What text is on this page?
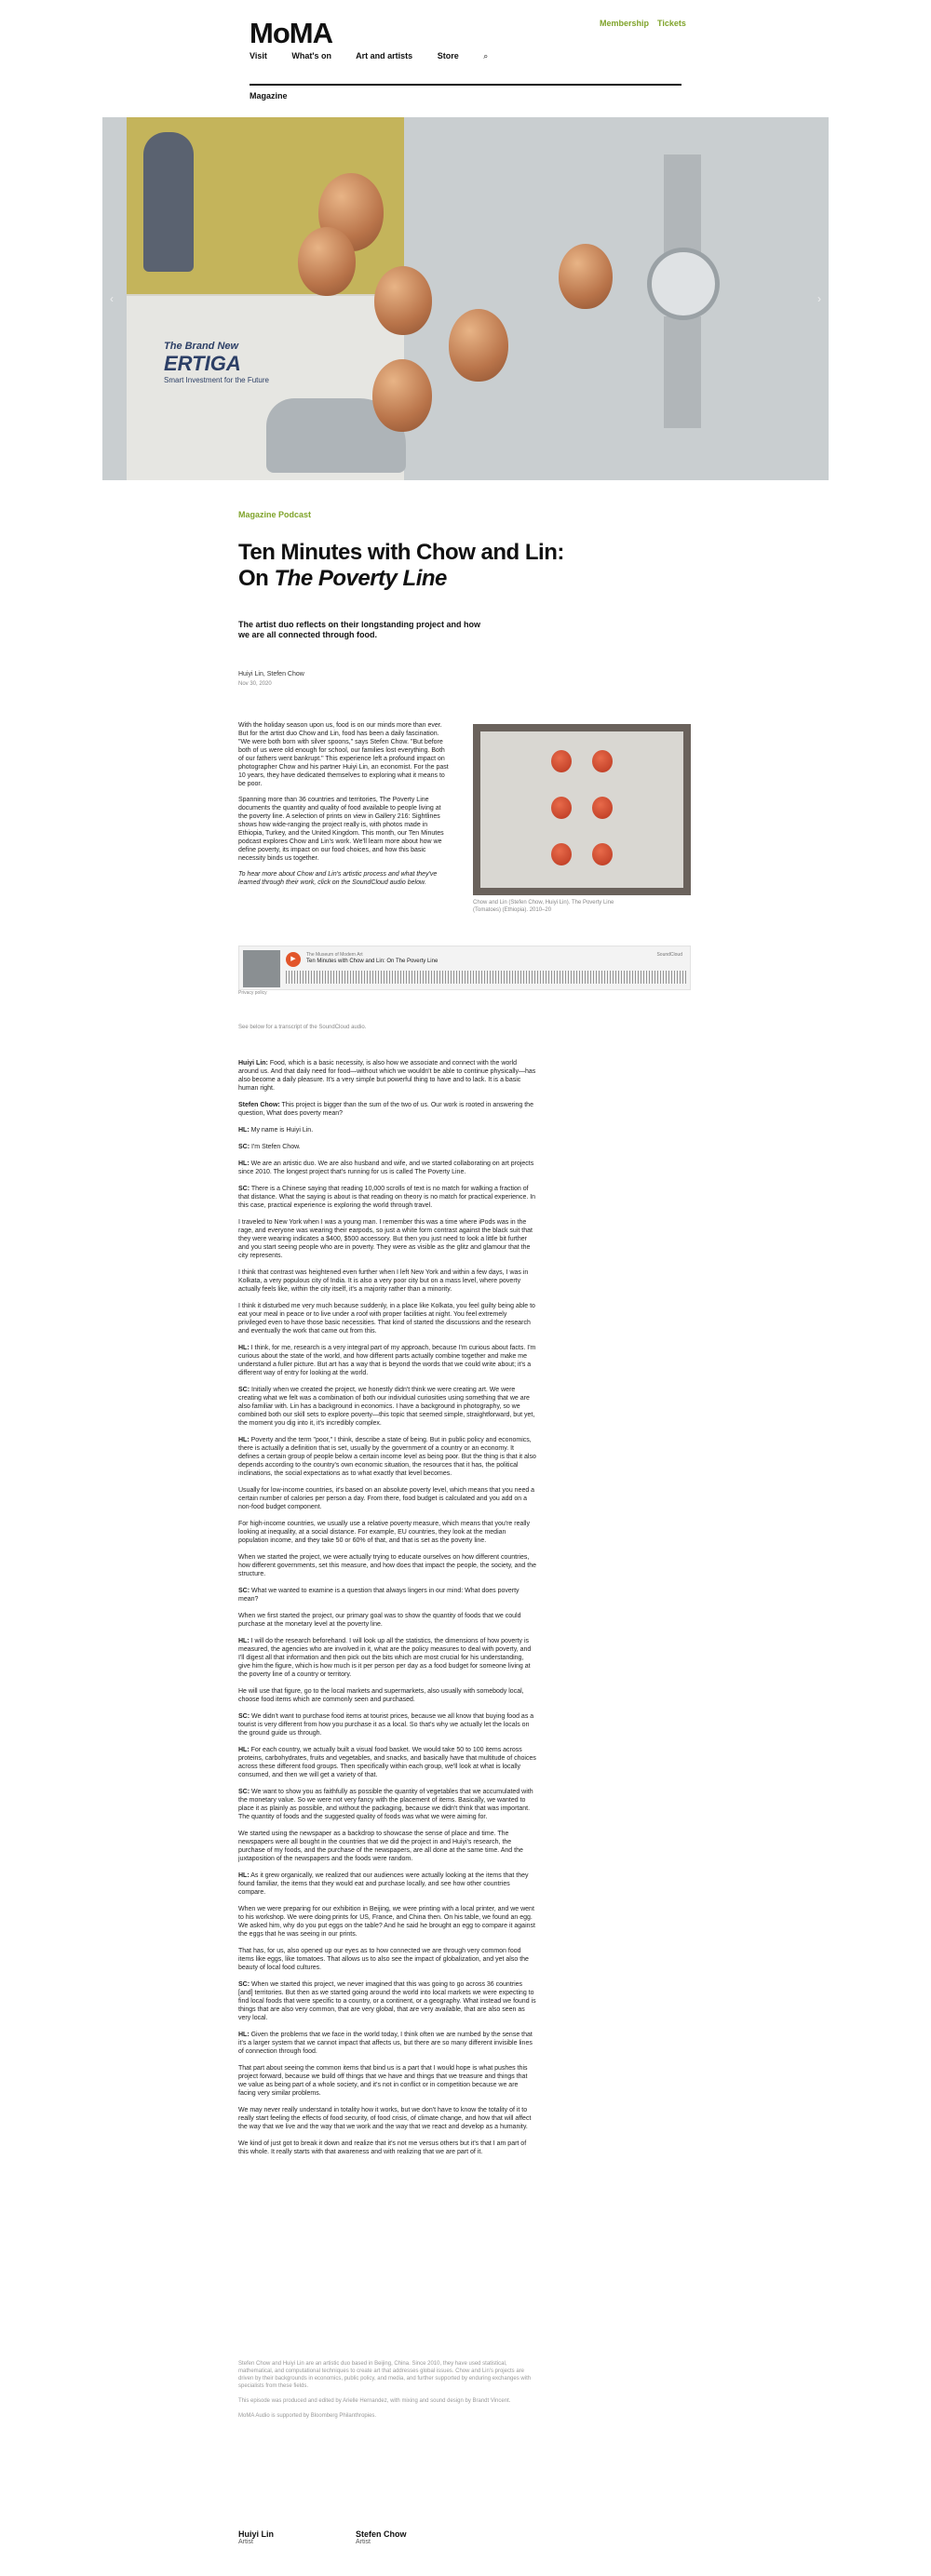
MoMA	Membership Tickets
Visit	What's on	Art and artists	Store	⌕
Magazine
The Brand New
ERTIGA
Smart Investment for the Future
‹	›
Magazine Podcast
Ten Minutes with Chow and Lin: On The Poverty Line
The artist duo reflects on their longstanding project and how we are all connected through food.
Huiyi Lin, Stefen Chow
Nov 30, 2020

With the holiday season upon us, food is on our minds more than ever. But for the artist duo Chow and Lin, food has been a daily fascination. "We were both born with silver spoons," says Stefen Chow. "But before both of us were old enough for school, our families lost everything. Both of our fathers went bankrupt." This experience left a profound impact on photographer Chow and his partner Huiyi Lin, an economist. For the past 10 years, they have dedicated themselves to exploring what it means to be poor.

Spanning more than 36 countries and territories, The Poverty Line documents the quantity and quality of food available to people living at the poverty line. A selection of prints on view in Gallery 216: Sightlines shows how wide-ranging the project really is, with photos made in Ethiopia, Turkey, and the United Kingdom. This month, our Ten Minutes podcast explores Chow and Lin's work. We'll learn more about how we define poverty, its impact on our food choices, and how this basic necessity binds us together.

To hear more about Chow and Lin's artistic process and what they've learned through their work, click on the SoundCloud audio below.

Chow and Lin (Stefen Chow, Huiyi Lin). The Poverty Line (Tomatoes) (Ethiopia). 2010–20
▶
The Museum of Modern Art
Ten Minutes with Chow and Lin: On The Poverty Line
SoundCloud
Privacy policy
See below for a transcript of the SoundCloud audio.

Huiyi Lin: Food, which is a basic necessity, is also how we associate and connect with the world around us. And that daily need for food—without which we wouldn't be able to continue physically—has also become a daily pleasure. It's a very simple but powerful thing to have and to lack. It is a basic human right.

Stefen Chow: This project is bigger than the sum of the two of us. Our work is rooted in answering the question, What does poverty mean?

HL: My name is Huiyi Lin.

SC: I'm Stefen Chow.

HL: We are an artistic duo. We are also husband and wife, and we started collaborating on art projects since 2010. The longest project that's running for us is called The Poverty Line.

SC: There is a Chinese saying that reading 10,000 scrolls of text is no match for walking a fraction of that distance. What the saying is about is that reading on theory is no match for practical experience. In this case, practical experience is exploring the world through travel.

I traveled to New York when I was a young man. I remember this was a time where iPods was in the rage, and everyone was wearing their earpods, so just a white form contrast against the black suit that they were wearing indicates a $400, $500 accessory. But then you just need to look a little bit further and you start seeing people who are in poverty. They were as visible as the glitz and glamour that the city represents.

I think that contrast was heightened even further when I left New York and within a few days, I was in Kolkata, a very populous city of India. It is also a very poor city but on a mass level, where poverty actually feels like, within the city itself, it's a majority rather than a minority.

I think it disturbed me very much because suddenly, in a place like Kolkata, you feel guilty being able to eat your meal in peace or to live under a roof with proper facilities at night. You feel extremely privileged even to have those basic necessities. That kind of started the discussions and the research and eventually the work that came out from this.

HL: I think, for me, research is a very integral part of my approach, because I'm curious about facts. I'm curious about the state of the world, and how different parts actually combine together and make me understand a fuller picture. But art has a way that is beyond the words that we could write about; it's a different way of entry for looking at the world.

SC: Initially when we created the project, we honestly didn't think we were creating art. We were creating what we felt was a combination of both our individual curiosities using something that we are also familiar with. Lin has a background in economics. I have a background in photography, so we combined both our skill sets to explore poverty—this topic that seemed simple, straightforward, but yet, the moment you dig into it, it's incredibly complex.

HL: Poverty and the term "poor," I think, describe a state of being. But in public policy and economics, there is actually a definition that is set, usually by the government of a country or an economy. It defines a certain group of people below a certain income level as being poor. But the thing is that it also depends according to the country's own economic situation, the resources that it has, the political inclinations, the social expectations as to what exactly that level becomes.

Usually for low-income countries, it's based on an absolute poverty level, which means that you need a certain number of calories per person a day. From there, food budget is calculated and you add on a non-food budget component.

For high-income countries, we usually use a relative poverty measure, which means that you're really looking at inequality, at a social distance. For example, EU countries, they look at the median population income, and they take 50 or 60% of that, and that is set as the poverty line.

When we started the project, we were actually trying to educate ourselves on how different countries, how different governments, set this measure, and how does that impact the people, the society, and the structure.

SC: What we wanted to examine is a question that always lingers in our mind: What does poverty mean?

When we first started the project, our primary goal was to show the quantity of foods that we could purchase at the monetary level at the poverty line.

HL: I will do the research beforehand. I will look up all the statistics, the dimensions of how poverty is measured, the agencies who are involved in it, what are the policy measures to deal with poverty, and I'll digest all that information and then pick out the bits which are most crucial for his understanding, give him the figure, which is how much is it per person per day as a food budget for someone living at the poverty line of a country or territory.

He will use that figure, go to the local markets and supermarkets, also usually with somebody local, choose food items which are commonly seen and purchased.

SC: We didn't want to purchase food items at tourist prices, because we all know that buying food as a tourist is very different from how you purchase it as a local. So that's why we actually let the locals on the ground guide us through.

HL: For each country, we actually built a visual food basket. We would take 50 to 100 items across proteins, carbohydrates, fruits and vegetables, and snacks, and basically have that multitude of choices across these different food groups. Then specifically within each group, we'll look at what is locally consumed, and then we will get a variety of that.

SC: We want to show you as faithfully as possible the quantity of vegetables that we accumulated with the monetary value. So we were not very fancy with the placement of items. Basically, we wanted to place it as plainly as possible, and without the packaging, because we didn't think that was important. The quantity of foods and the suggested quality of foods was what we were aiming for.

We started using the newspaper as a backdrop to showcase the sense of place and time. The newspapers were all bought in the countries that we did the project in and Huiyi's research, the purchase of my foods, and the purchase of the newspapers, are all done at the same time. And the juxtaposition of the newspapers and the foods were random.

HL: As it grew organically, we realized that our audiences were actually looking at the items that they found familiar, the items that they would eat and purchase locally, and see how other countries compare.

When we were preparing for our exhibition in Beijing, we were printing with a local printer, and we went to his workshop. We were doing prints for US, France, and China then. On his table, we found an egg. We asked him, why do you put eggs on the table? And he said he brought an egg to compare it against the eggs that he was seeing in our prints.

That has, for us, also opened up our eyes as to how connected we are through very common food items like eggs, like tomatoes. That allows us to also see the impact of globalization, and yet also the beauty of local food cultures.

SC: When we started this project, we never imagined that this was going to go across 36 countries [and] territories. But then as we started going around the world into local markets we were expecting to find local foods that were specific to a country, or a continent, or a geography. What instead we found is things that are also very common, that are very global, that are very available, that are also seen as very local.

HL: Given the problems that we face in the world today, I think often we are numbed by the sense that it's a larger system that we cannot impact that affects us, but there are so many different invisible lines of connection through food.

That part about seeing the common items that bind us is a part that I would hope is what pushes this project forward, because we build off things that we have and things that we treasure and things that we value as being part of a whole society, and it's not in conflict or in competition because we are facing very similar problems.

We may never really understand in totality how it works, but we don't have to know the totality of it to really start feeling the effects of food security, of food crisis, of climate change, and how that will affect the way that we live and the way that we work and the way that we react and develop as a humanity.

We kind of just got to break it down and realize that it's not me versus others but it's that I am part of this whole. It really starts with that awareness and with realizing that we are part of it.

Stefen Chow and Huiyi Lin are an artistic duo based in Beijing, China. Since 2010, they have used statistical, mathematical, and computational techniques to create art that addresses global issues. Chow and Lin's projects are driven by their backgrounds in economics, public policy, and media, and further supported by enduring exchanges with specialists from these fields.

This episode was produced and edited by Arielle Hernandez, with mixing and sound design by Brandt Vincent.

MoMA Audio is supported by Bloomberg Philanthropies.

Huiyi Lin
Artist
Stefen Chow
Artist
